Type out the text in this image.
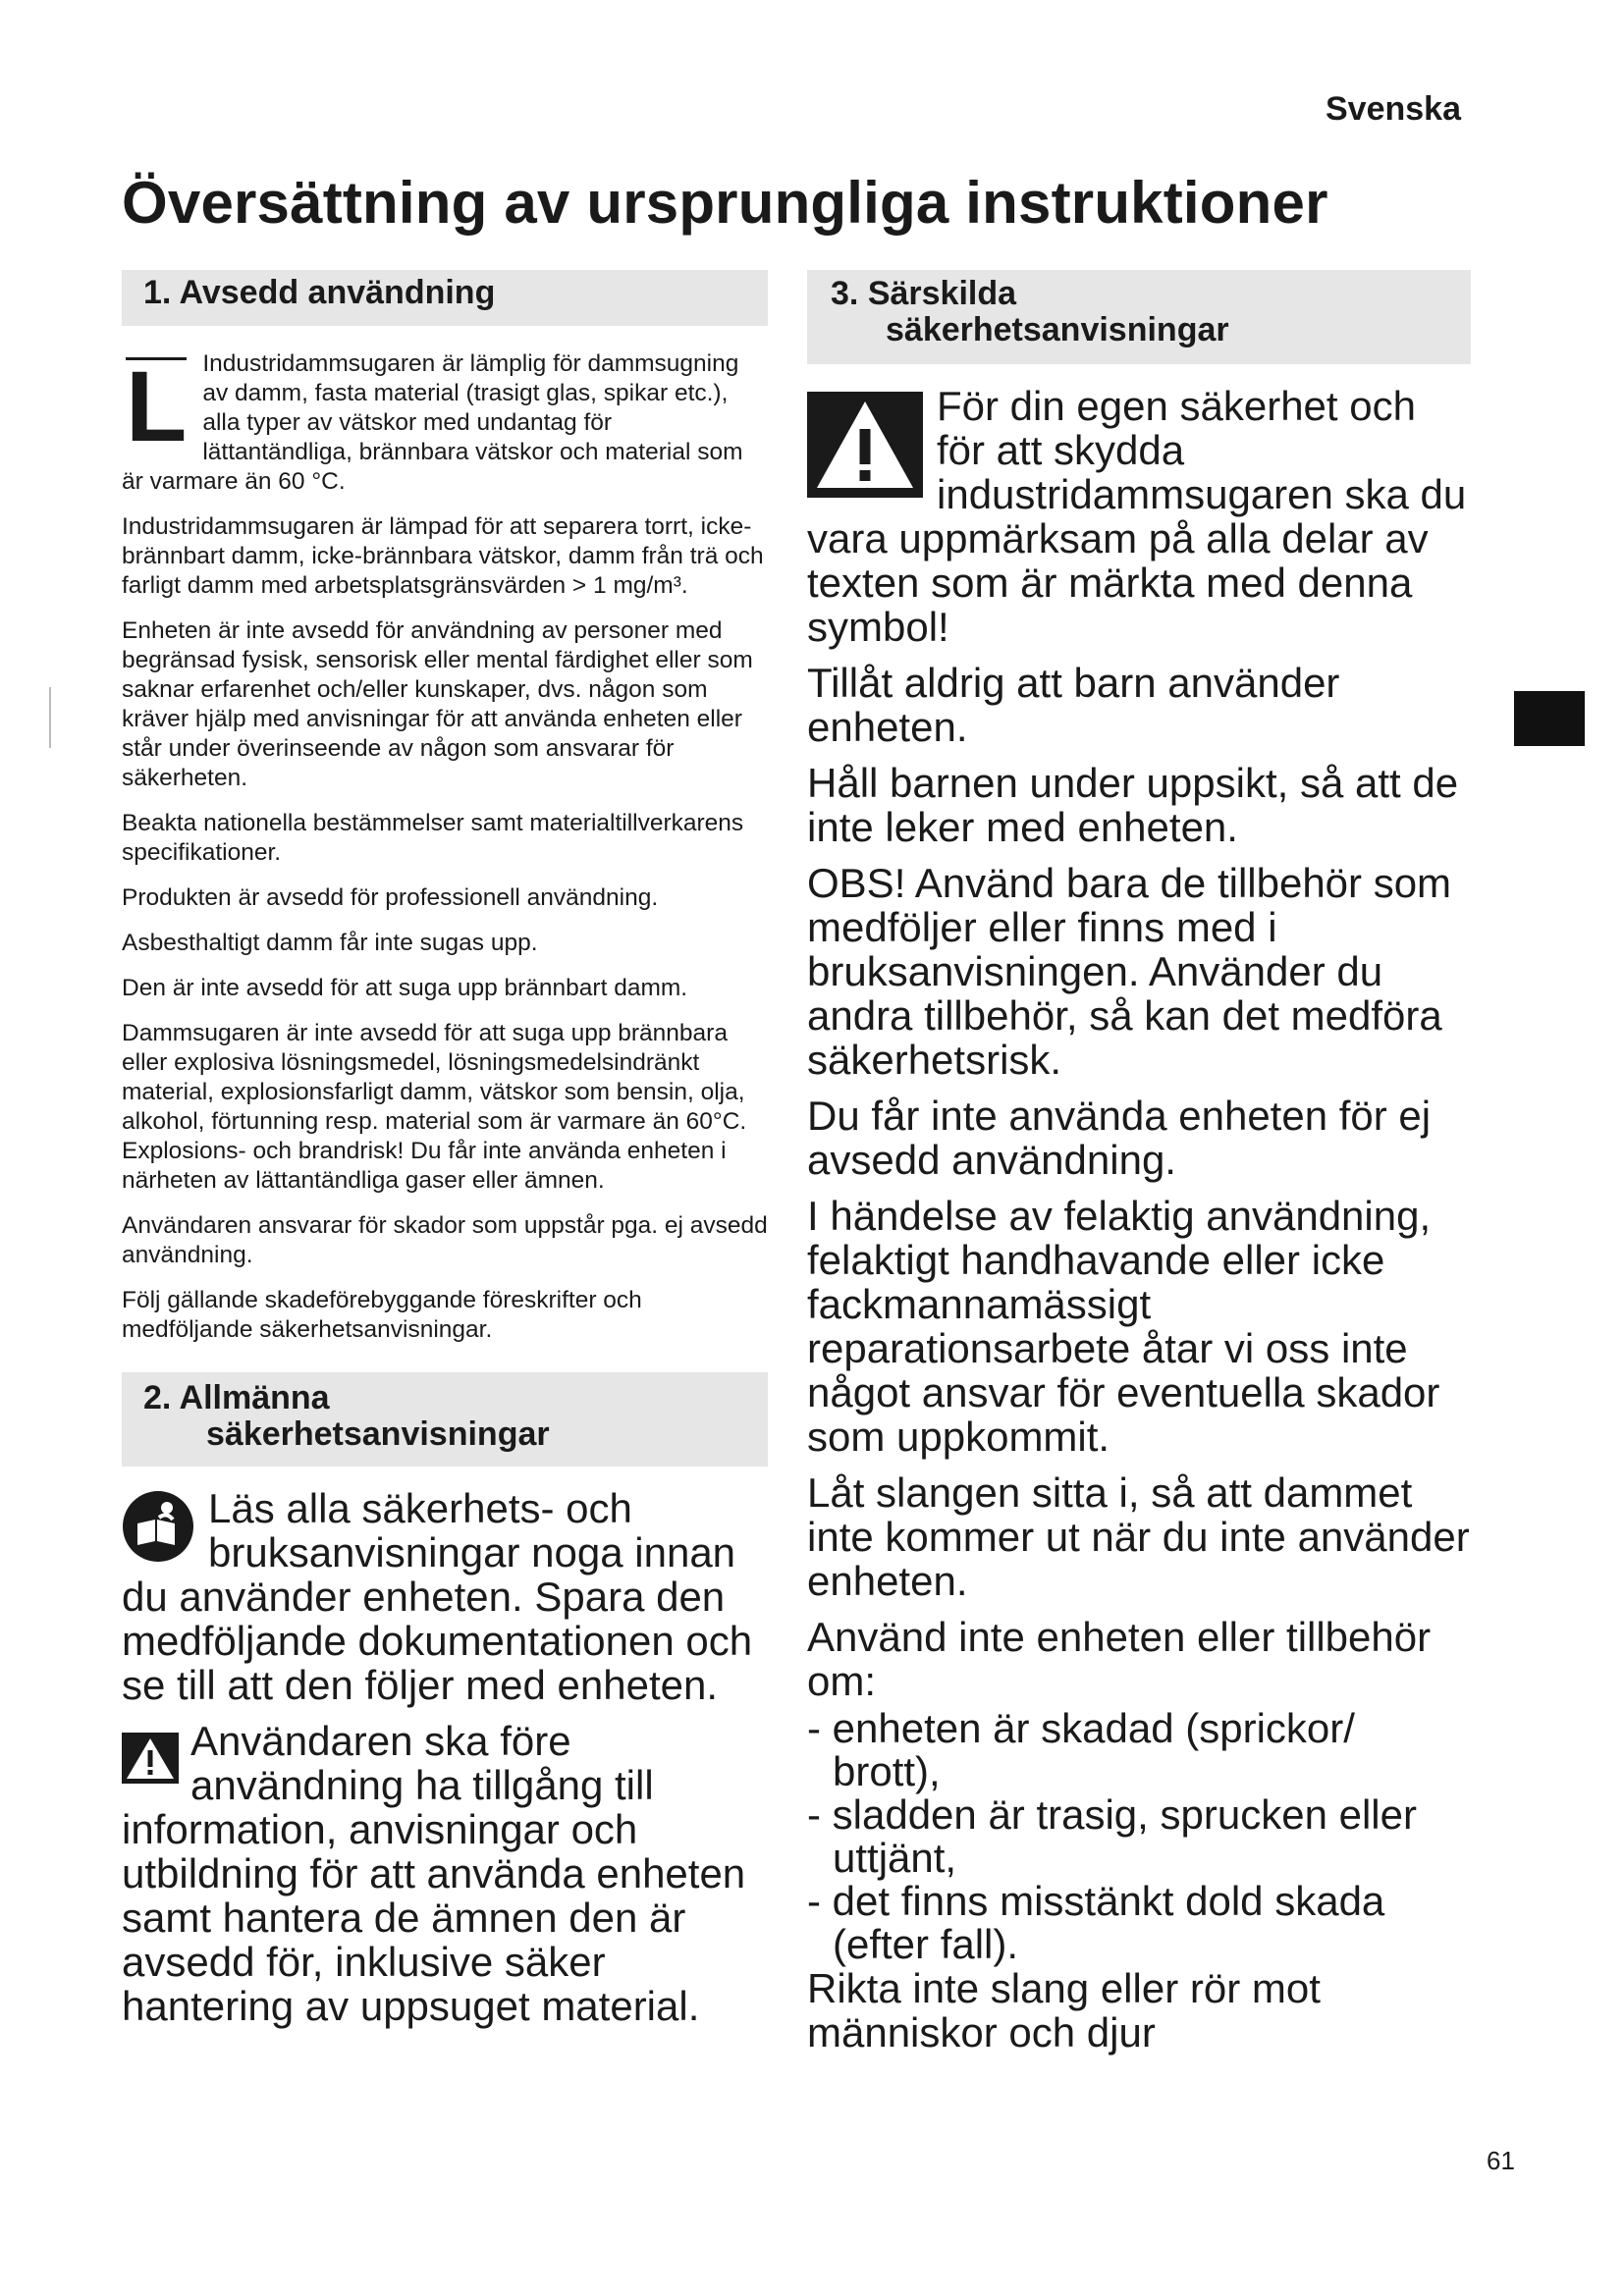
Svenska
Översättning av ursprungliga instruktioner
1. Avsedd användning

L Industridammsugaren är lämplig för dammsugning av damm, fasta material (trasigt glas, spikar etc.), alla typer av vätskor med undantag för lättantändliga, brännbara vätskor och material som är varmare än 60 °C.

Industridammsugaren är lämpad för att separera torrt, icke-brännbart damm, icke-brännbara vätskor, damm från trä och farligt damm med arbetsplatsgränsvärden > 1 mg/m³.

Enheten är inte avsedd för användning av personer med begränsad fysisk, sensorisk eller mental färdighet eller som saknar erfarenhet och/eller kunskaper, dvs. någon som kräver hjälp med anvisningar för att använda enheten eller står under överinseende av någon som ansvarar för säkerheten.

Beakta nationella bestämmelser samt materialtillverkarens specifikationer.

Produkten är avsedd för professionell användning.

Asbesthaltigt damm får inte sugas upp.

Den är inte avsedd för att suga upp brännbart damm.

Dammsugaren är inte avsedd för att suga upp brännbara eller explosiva lösningsmedel, lösningsmedelsindränkt material, explosionsfarligt damm, vätskor som bensin, olja, alkohol, förtunning resp. material som är varmare än 60°C. Explosions- och brandrisk! Du får inte använda enheten i närheten av lättantändliga gaser eller ämnen.

Användaren ansvarar för skador som uppstår pga. ej avsedd användning.

Följ gällande skadeförebyggande föreskrifter och medföljande säkerhetsanvisningar.

2. Allmänna
säkerhetsanvisningar

Läs alla säkerhets- och bruksanvisningar noga innan du använder enheten. Spara den medföljande dokumentationen och se till att den följer med enheten.

Användaren ska före användning ha tillgång till information, anvisningar och utbildning för att använda enheten samt hantera de ämnen den är avsedd för, inklusive säker hantering av uppsuget material.

3. Särskilda
säkerhetsanvisningar

För din egen säkerhet och för att skydda industridammsugaren ska du vara uppmärksam på alla delar av texten som är märkta med denna symbol!

Tillåt aldrig att barn använder enheten.

Håll barnen under uppsikt, så att de inte leker med enheten.

OBS! Använd bara de tillbehör som medföljer eller finns med i bruksanvisningen. Använder du andra tillbehör, så kan det medföra säkerhetsrisk.

Du får inte använda enheten för ej avsedd användning.

I händelse av felaktig användning, felaktigt handhavande eller icke fackmannamässigt reparationsarbete åtar vi oss inte något ansvar för eventuella skador som uppkommit.

Låt slangen sitta i, så att dammet inte kommer ut när du inte använder enheten.

Använd inte enheten eller tillbehör om:

- enheten är skadad (sprickor/ brott),
- sladden är trasig, sprucken eller uttjänt,
- det finns misstänkt dold skada (efter fall).

Rikta inte slang eller rör mot människor och djur

61
